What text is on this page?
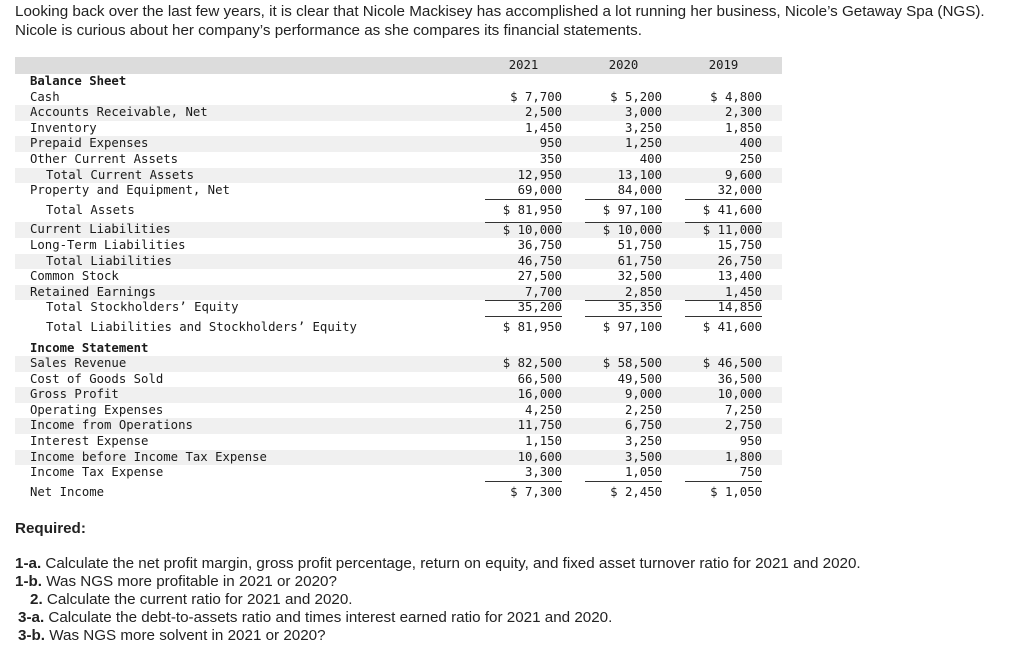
Looking back over the last few years, it is clear that Nicole Mackisey has accomplished a lot running her business, Nicole’s Getaway Spa (NGS). Nicole is curious about her company’s performance as she compares its financial statements.
2021	2020	2019
Balance Sheet
Cash	$ 7,700	$ 5,200	$ 4,800
Accounts Receivable, Net	2,500	3,000	2,300
Inventory	1,450	3,250	1,850
Prepaid Expenses	950	1,250	400
Other Current Assets	350	400	250
Total Current Assets	12,950	13,100	9,600
Property and Equipment, Net	69,000	84,000	32,000
Total Assets	$ 81,950	$ 97,100	$ 41,600
Current Liabilities	$ 10,000	$ 10,000	$ 11,000
Long-Term Liabilities	36,750	51,750	15,750
Total Liabilities	46,750	61,750	26,750
Common Stock	27,500	32,500	13,400
Retained Earnings	7,700	2,850	1,450
Total Stockholders’ Equity	35,200	35,350	14,850
Total Liabilities and Stockholders’ Equity	$ 81,950	$ 97,100	$ 41,600
Income Statement
Sales Revenue	$ 82,500	$ 58,500	$ 46,500
Cost of Goods Sold	66,500	49,500	36,500
Gross Profit	16,000	9,000	10,000
Operating Expenses	4,250	2,250	7,250
Income from Operations	11,750	6,750	2,750
Interest Expense	1,150	3,250	950
Income before Income Tax Expense	10,600	3,500	1,800
Income Tax Expense	3,300	1,050	750
Net Income	$ 7,300	$ 2,450	$ 1,050
Required:
1-a. Calculate the net profit margin, gross profit percentage, return on equity, and fixed asset turnover ratio for 2021 and 2020.
1-b. Was NGS more profitable in 2021 or 2020?
2. Calculate the current ratio for 2021 and 2020.
3-a. Calculate the debt-to-assets ratio and times interest earned ratio for 2021 and 2020.
3-b. Was NGS more solvent in 2021 or 2020?
